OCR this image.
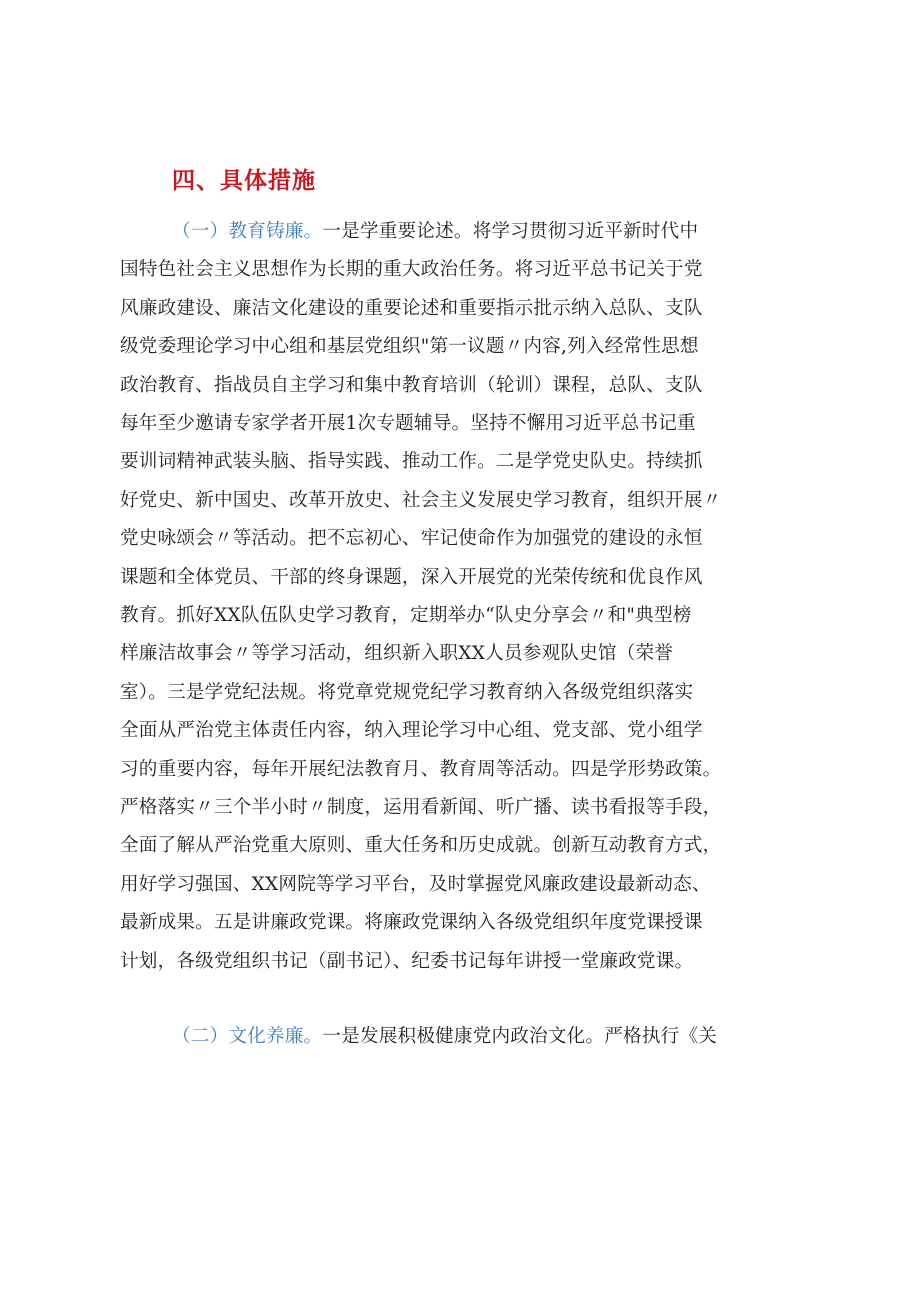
四、具体措施
（一）教育铸廉。一是学重要论述。将学习贯彻习近平新时代中
国特色社会主义思想作为长期的重大政治任务。将习近平总书记关于党
风廉政建设、廉洁文化建设的重要论述和重要指示批示纳入总队、支队
级党委理论学习中心组和基层党组织"第一议题〃内容,列入经常性思想
政治教育、指战员自主学习和集中教育培训（轮训）课程，总队、支队
每年至少邀请专家学者开展1次专题辅导。坚持不懈用习近平总书记重
要训词精神武装头脑、指导实践、推动工作。二是学党史队史。持续抓
好党史、新中国史、改革开放史、社会主义发展史学习教育，组织开展〃
党史咏颂会〃等活动。把不忘初心、牢记使命作为加强党的建设的永恒
课题和全体党员、干部的终身课题，深入开展党的光荣传统和优良作风
教育。抓好XX队伍队史学习教育，定期举办“队史分享会〃和"典型榜
样廉洁故事会〃等学习活动，组织新入职XX人员参观队史馆（荣誉
室）。三是学党纪法规。将党章党规党纪学习教育纳入各级党组织落实
全面从严治党主体责任内容，纳入理论学习中心组、党支部、党小组学
习的重要内容，每年开展纪法教育月、教育周等活动。四是学形势政策。
严格落实〃三个半小时〃制度，运用看新闻、听广播、读书看报等手段，
全面了解从严治党重大原则、重大任务和历史成就。创新互动教育方式，
用好学习强国、XX网院等学习平台，及时掌握党风廉政建设最新动态、
最新成果。五是讲廉政党课。将廉政党课纳入各级党组织年度党课授课
计划，各级党组织书记（副书记）、纪委书记每年讲授一堂廉政党课。
（二）文化养廉。一是发展积极健康党内政治文化。严格执行《关
